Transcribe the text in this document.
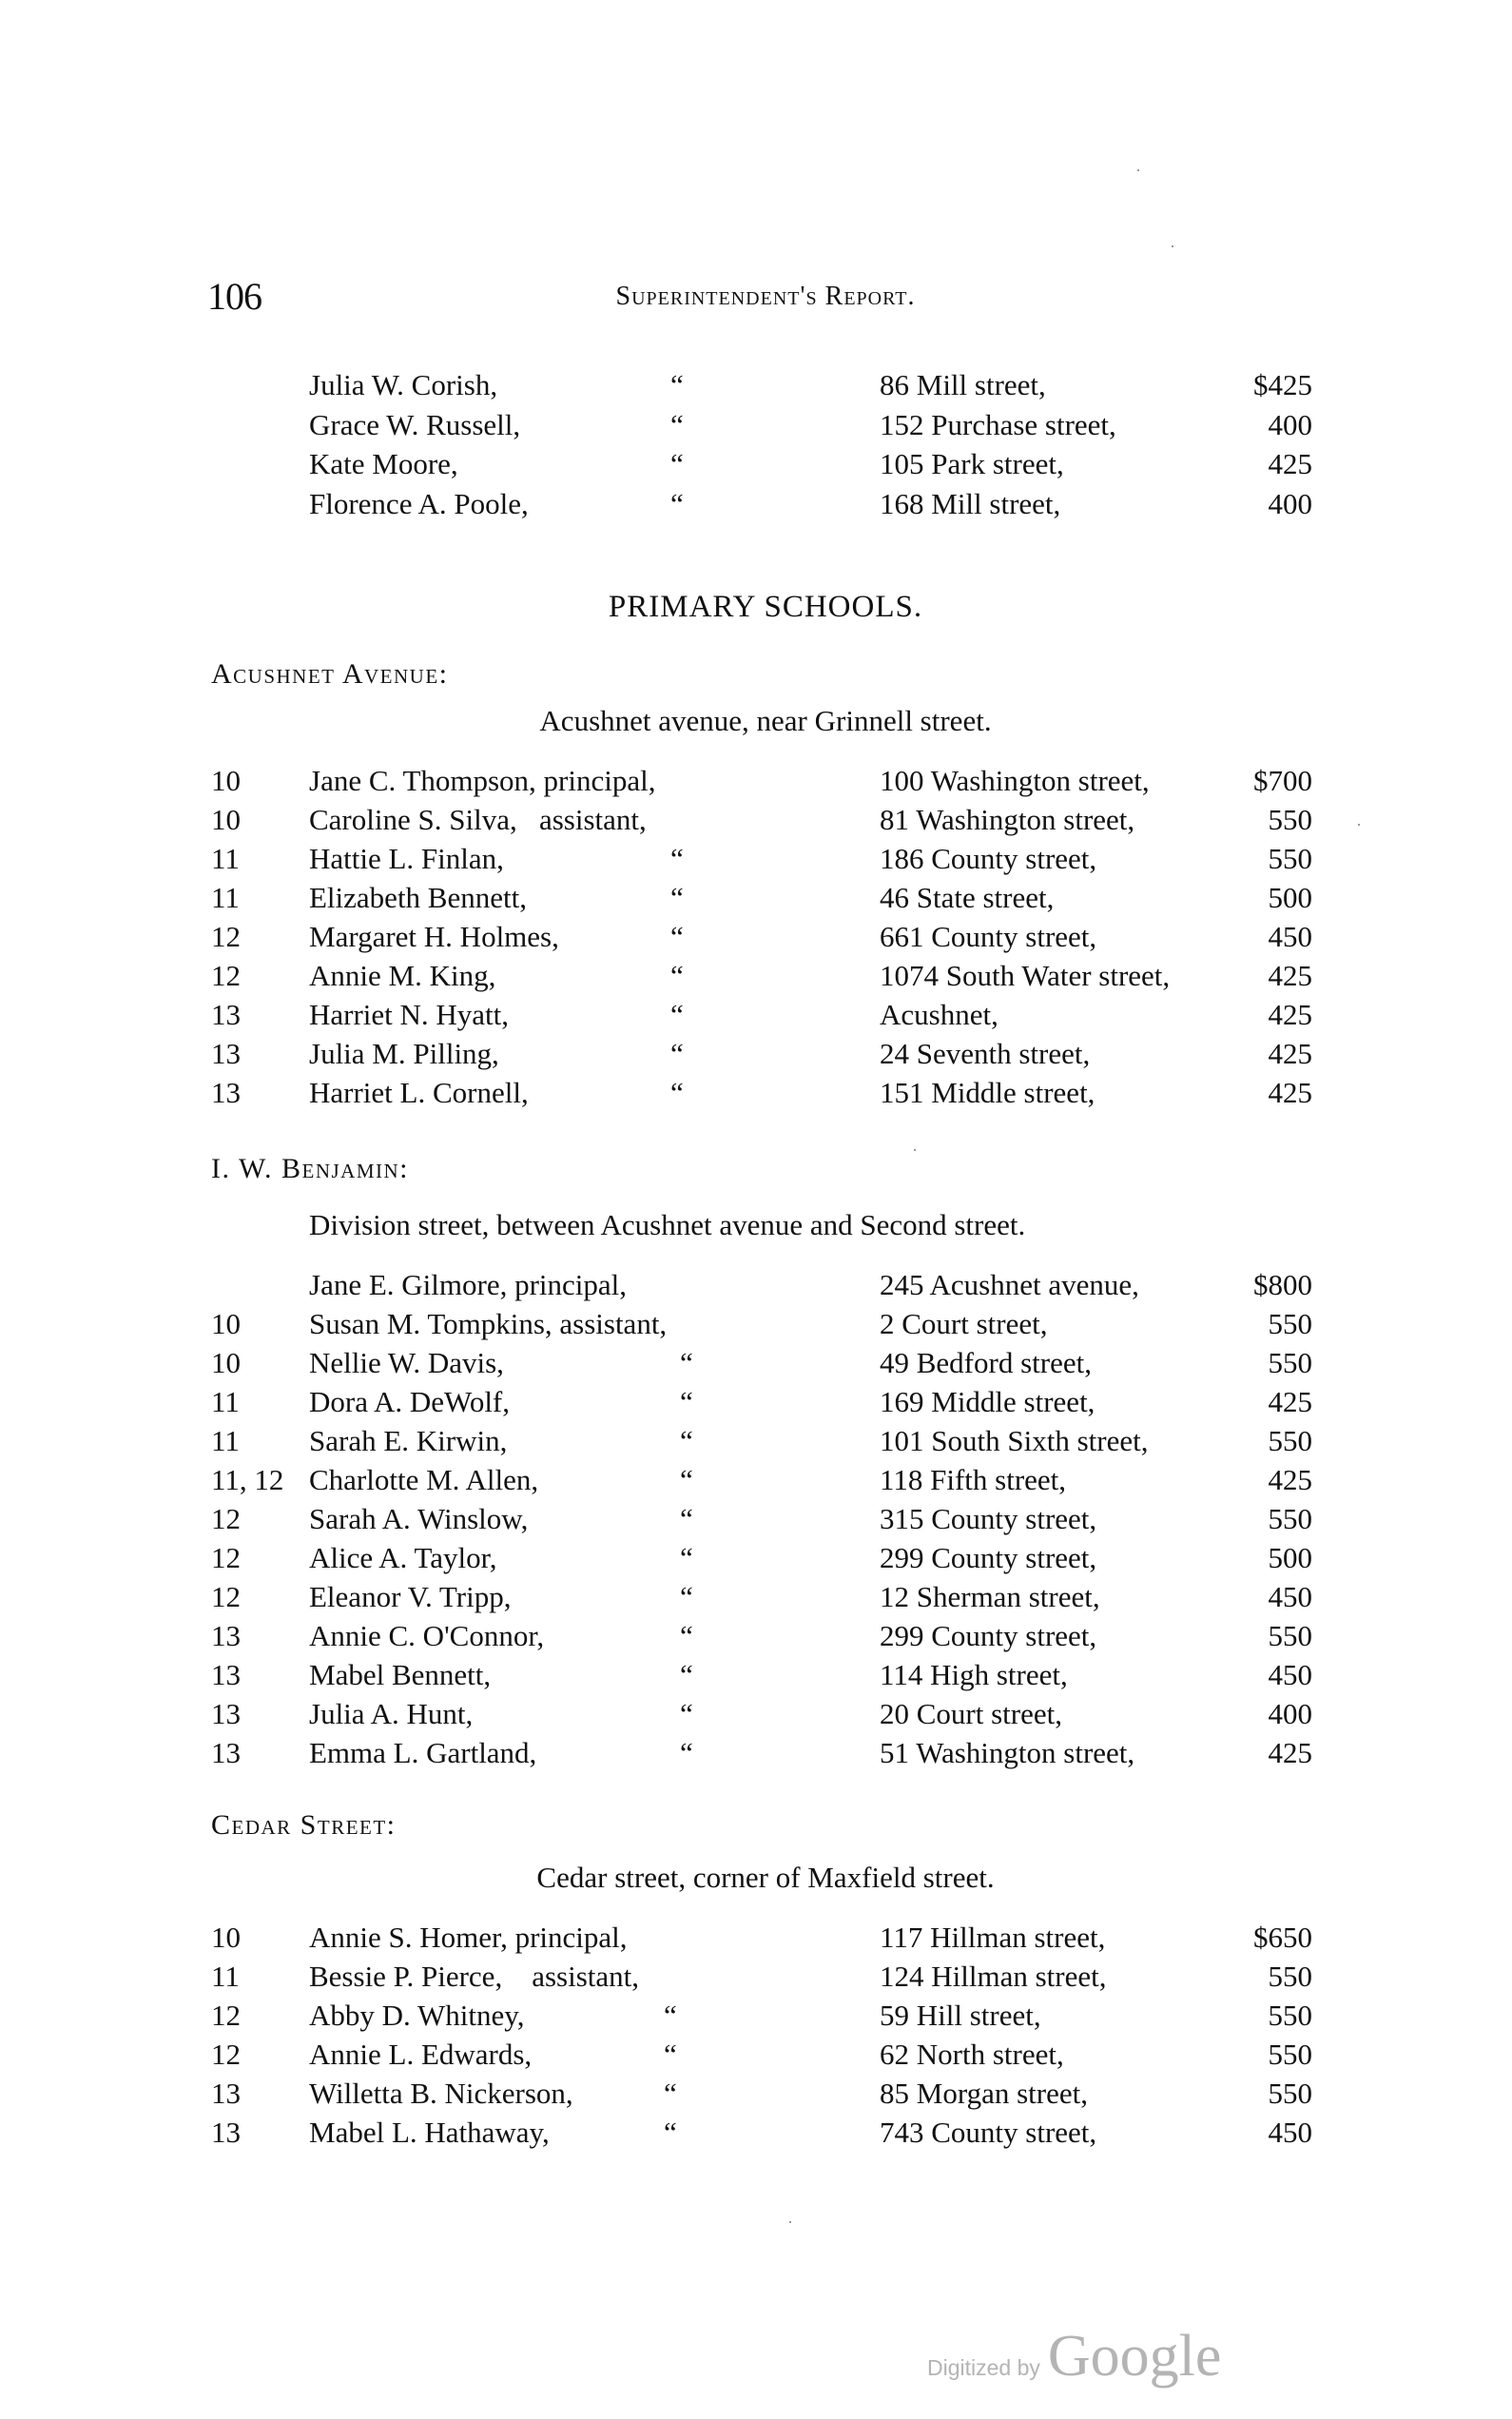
106	Superintendent's Report.
Julia W. Corish,	“	86 Mill street,	$425
Grace W. Russell,	“	152 Purchase street,	400
Kate Moore,	“	105 Park street,	425
Florence A. Poole,	“	168 Mill street,	400
PRIMARY SCHOOLS.
Acushnet Avenue:
Acushnet avenue, near Grinnell street.
10 Jane C. Thompson, principal,	100 Washington street,	$700
10 Caroline S. Silva,   assistant,	81 Washington street,	550
11 Hattie L. Finlan,	“	186 County street,	550
11 Elizabeth Bennett,	“	46 State street,	500
12 Margaret H. Holmes,	“	661 County street,	450
12 Annie M. King,	“	1074 South Water street,	425
13 Harriet N. Hyatt,	“	Acushnet,	425
13 Julia M. Pilling,	“	24 Seventh street,	425
13 Harriet L. Cornell,	“	151 Middle street,	425
I. W. Benjamin:
Division street, between Acushnet avenue and Second street.
Jane E. Gilmore, principal,	245 Acushnet avenue,	$800
10 Susan M. Tompkins, assistant,	2 Court street,	550
10 Nellie W. Davis,	“	49 Bedford street,	550
11 Dora A. DeWolf,	“	169 Middle street,	425
11 Sarah E. Kirwin,	“	101 South Sixth street,	550
11, 12 Charlotte M. Allen,	“	118 Fifth street,	425
12 Sarah A. Winslow,	“	315 County street,	550
12 Alice A. Taylor,	“	299 County street,	500
12 Eleanor V. Tripp,	“	12 Sherman street,	450
13 Annie C. O'Connor,	“	299 County street,	550
13 Mabel Bennett,	“	114 High street,	450
13 Julia A. Hunt,	“	20 Court street,	400
13 Emma L. Gartland,	“	51 Washington street,	425
Cedar Street:
Cedar street, corner of Maxfield street.
10 Annie S. Homer, principal,	117 Hillman street,	$650
11 Bessie P. Pierce,    assistant,	124 Hillman street,	550
12 Abby D. Whitney,	“	59 Hill street,	550
12 Annie L. Edwards,	“	62 North street,	550
13 Willetta B. Nickerson,	“	85 Morgan street,	550
13 Mabel L. Hathaway,	“	743 County street,	450
Digitized by Google
